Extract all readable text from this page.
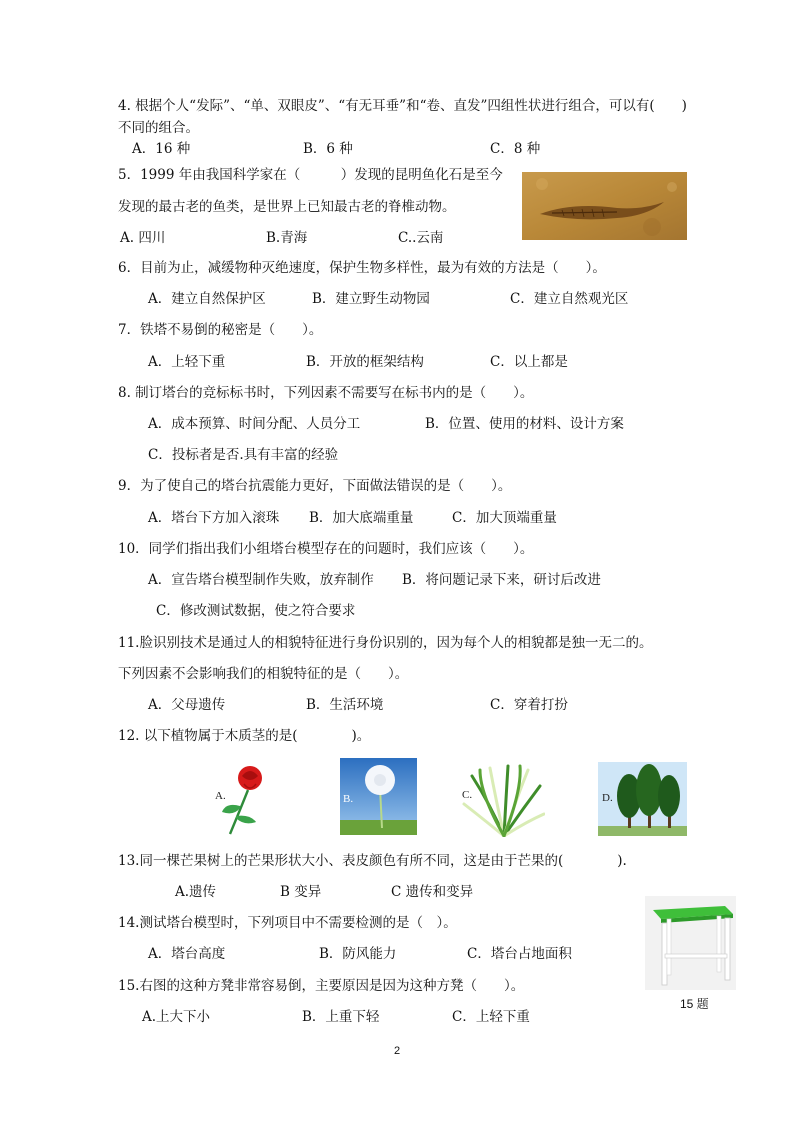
4. 根据个人“发际”、“单、双眼皮”、“有无耳垂”和“卷、直发”四组性状进行组合，可以有(　　)
不同的组合。
A．16 种	B．6 种	C．8 种
5．1999 年由我国科学家在（　　　）发现的昆明鱼化石是至今
发现的最古老的鱼类，是世界上已知最古老的脊椎动物。
A. 四川	B.青海	C..云南
6．目前为止，减缓物种灭绝速度，保护生物多样性，最为有效的方法是（　　）。
A．建立自然保护区	B．建立野生动物园	C．建立自然观光区
7．铁塔不易倒的秘密是（　　）。
A．上轻下重	B．开放的框架结构	C．以上都是
8. 制订塔台的竞标标书时，下列因素不需要写在标书内的是（　　）。
A．成本预算、时间分配、人员分工	B．位置、使用的材料、设计方案
C．投标者是否.具有丰富的经验
9．为了使自己的塔台抗震能力更好，下面做法错误的是（　　）。
A．塔台下方加入滚珠 B．加大底端重量	C．加大顶端重量
10．同学们指出我们小组塔台模型存在的问题时，我们应该（　　）。
A．宣告塔台模型制作失败，放弃制作 B．将问题记录下来，研讨后改进
C．修改测试数据，使之符合要求
11.脸识别技术是通过人的相貌特征进行身份识别的，因为每个人的相貌都是独一无二的。
下列因素不会影响我们的相貌特征的是（　　）。
A．父母遗传	B．生活环境	C．穿着打扮
12. 以下植物属于木质茎的是(　　　　)。
A.	B.	C.	D.
13.同一棵芒果树上的芒果形状大小、表皮颜色有所不同，这是由于芒果的(　　　　).
A.遗传	B 变异	C 遗传和变异
14.测试塔台模型时，下列项目中不需要检测的是（　）。
A．塔台高度	B．防风能力	C．塔台占地面积
15 题
15.右图的这种方凳非常容易倒，主要原因是因为这种方凳（　　）。
A.上大下小	B．上重下轻	C．上轻下重
2
